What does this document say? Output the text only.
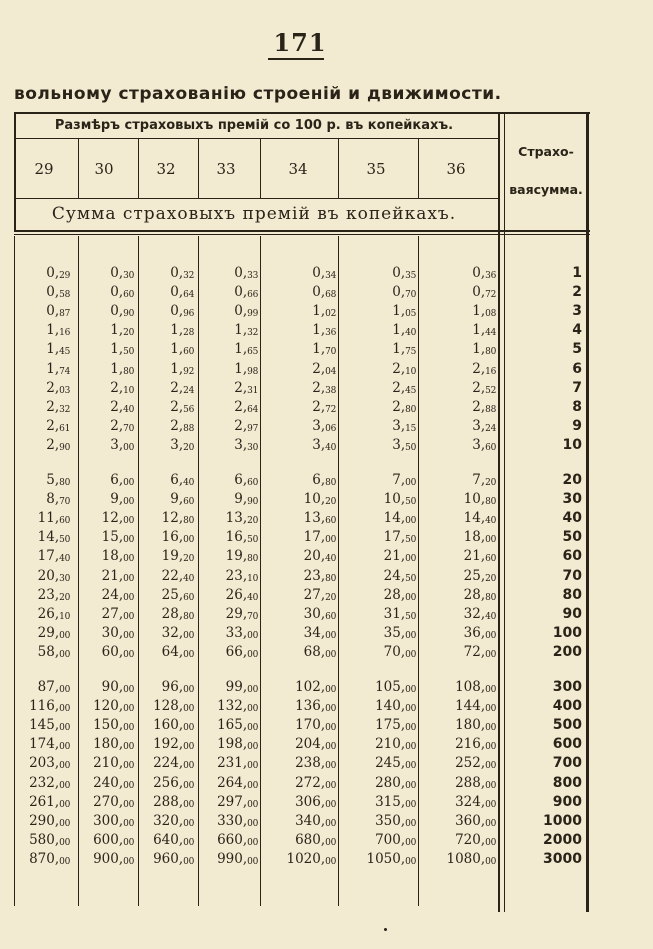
171
вольному страхованію строеній и движимости.
Размѣръ страховыхъ премій со 100 р. въ копейкахъ.
Сумма страховыхъ премій въ копейкахъ.
Страхо-
ваясумма.
29	30	32	33	34	35	36
$0,_{29}$	$0,_{30}$	$0,_{32}$	$0,_{33}$	$0,_{34}$	$0,_{35}$	$0,_{36}$	1
$0,_{58}$	$0,_{60}$	$0,_{64}$	$0,_{66}$	$0,_{68}$	$0,_{70}$	$0,_{72}$	2
$0,_{87}$	$0,_{90}$	$0,_{96}$	$0,_{99}$	$1,_{02}$	$1,_{05}$	$1,_{08}$	3
$1,_{16}$	$1,_{20}$	$1,_{28}$	$1,_{32}$	$1,_{36}$	$1,_{40}$	$1,_{44}$	4
$1,_{45}$	$1,_{50}$	$1,_{60}$	$1,_{65}$	$1,_{70}$	$1,_{75}$	$1,_{80}$	5
$1,_{74}$	$1,_{80}$	$1,_{92}$	$1,_{98}$	$2,_{04}$	$2,_{10}$	$2,_{16}$	6
$2,_{03}$	$2,_{10}$	$2,_{24}$	$2,_{31}$	$2,_{38}$	$2,_{45}$	$2,_{52}$	7
$2,_{32}$	$2,_{40}$	$2,_{56}$	$2,_{64}$	$2,_{72}$	$2,_{80}$	$2,_{88}$	8
$2,_{61}$	$2,_{70}$	$2,_{88}$	$2,_{97}$	$3,_{06}$	$3,_{15}$	$3,_{24}$	9
$2,_{90}$	$3,_{00}$	$3,_{20}$	$3,_{30}$	$3,_{40}$	$3,_{50}$	$3,_{60}$	10
$5,_{80}$	$6,_{00}$	$6,_{40}$	$6,_{60}$	$6,_{80}$	$7,_{00}$	$7,_{20}$	20
$8,_{70}$	$9,_{00}$	$9,_{60}$	$9,_{90}$	$10,_{20}$	$10,_{50}$	$10,_{80}$	30
$11,_{60}$ $12,_{00}$ $12,_{80}$ $13,_{20}$	$13,_{60}$	$14,_{00}$	$14,_{40}$	40
$14,_{50}$ $15,_{00}$ $16,_{00}$ $16,_{50}$	$17,_{00}$	$17,_{50}$	$18,_{00}$	50
$17,_{40}$ $18,_{00}$ $19,_{20}$ $19,_{80}$	$20,_{40}$	$21,_{00}$	$21,_{60}$	60
$20,_{30}$ $21,_{00}$ $22,_{40}$ $23,_{10}$	$23,_{80}$	$24,_{50}$	$25,_{20}$	70
$23,_{20}$ $24,_{00}$ $25,_{60}$ $26,_{40}$	$27,_{20}$	$28,_{00}$	$28,_{80}$	80
$26,_{10}$ $27,_{00}$ $28,_{80}$ $29,_{70}$	$30,_{60}$	$31,_{50}$	$32,_{40}$	90
$29,_{00}$ $30,_{00}$ $32,_{00}$ $33,_{00}$	$34,_{00}$	$35,_{00}$	$36,_{00}$	100
$58,_{00}$ $60,_{00}$ $64,_{00}$ $66,_{00}$	$68,_{00}$	$70,_{00}$	$72,_{00}$	200
$87,_{00}$ $90,_{00}$ $96,_{00}$ $99,_{00}$	$102,_{00}$	$105,_{00}$	$108,_{00}$	300
$116,_{00}$ $120,_{00}$ $128,_{00}$ $132,_{00}$	$136,_{00}$	$140,_{00}$	$144,_{00}$	400
$145,_{00}$ $150,_{00}$ $160,_{00}$ $165,_{00}$	$170,_{00}$	$175,_{00}$	$180,_{00}$	500
$174,_{00}$ $180,_{00}$ $192,_{00}$ $198,_{00}$	$204,_{00}$	$210,_{00}$	$216,_{00}$	600
$203,_{00}$ $210,_{00}$ $224,_{00}$ $231,_{00}$	$238,_{00}$	$245,_{00}$	$252,_{00}$	700
$232,_{00}$ $240,_{00}$ $256,_{00}$ $264,_{00}$	$272,_{00}$	$280,_{00}$	$288,_{00}$	800
$261,_{00}$ $270,_{00}$ $288,_{00}$ $297,_{00}$	$306,_{00}$	$315,_{00}$	$324,_{00}$	900
$290,_{00}$ $300,_{00}$ $320,_{00}$ $330,_{00}$	$340,_{00}$	$350,_{00}$	$360,_{00}$	1000
$580,_{00}$ $600,_{00}$ $640,_{00}$ $660,_{00}$	$680,_{00}$	$700,_{00}$	$720,_{00}$	2000
$870,_{00}$ $900,_{00}$ $960,_{00}$ $990,_{00}$ $1020,_{00}$ $1050,_{00}$ $1080,_{00}$	3000
